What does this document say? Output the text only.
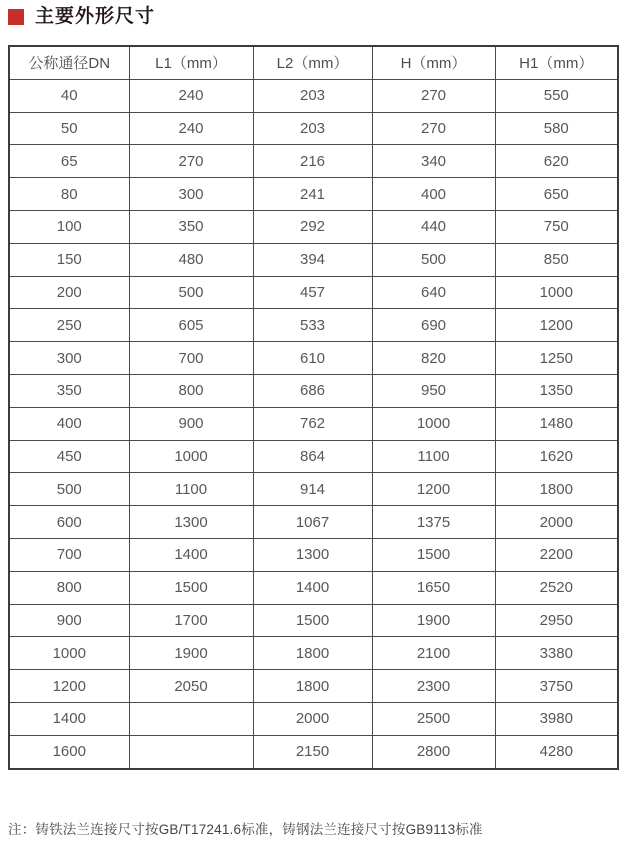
主要外形尺寸
公称通径DN	L1（mm）	L2（mm）	H（mm）	H1（mm）
40	240	203	270	550
50	240	203	270	580
65	270	216	340	620
80	300	241	400	650
100	350	292	440	750
150	480	394	500	850
200	500	457	640	1000
250	605	533	690	1200
300	700	610	820	1250
350	800	686	950	1350
400	900	762	1000	1480
450	1000	864	1100	1620
500	1100	914	1200	1800
600	1300	1067	1375	2000
700	1400	1300	1500	2200
800	1500	1400	1650	2520
900	1700	1500	1900	2950
1000	1900	1800	2100	3380
1200	2050	1800	2300	3750
1400		2000	2500	3980
1600		2150	2800	4280
注：铸铁法兰连接尺寸按GB/T17241.6标准，铸钢法兰连接尺寸按GB9113标准
